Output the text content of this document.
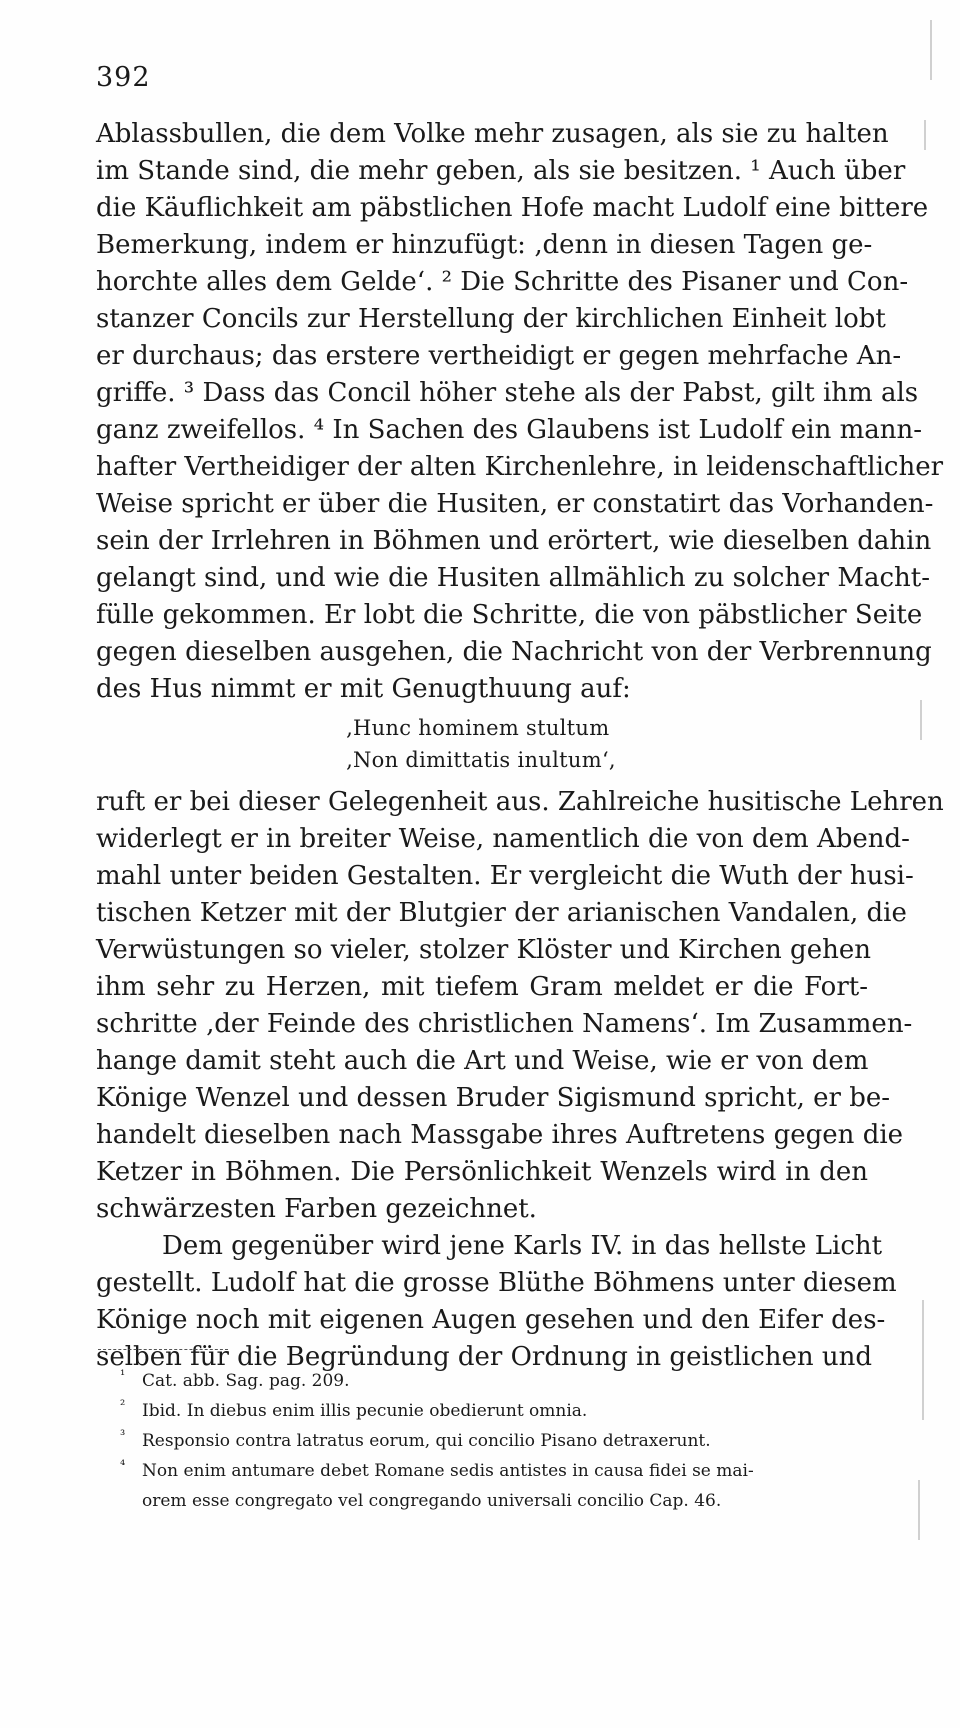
392
Ablassbullen, die dem Volke mehr zusagen, als sie zu halten
im Stande sind, die mehr geben, als sie besitzen. ¹ Auch über
die Käuflichkeit am päbstlichen Hofe macht Ludolf eine bittere
Bemerkung, indem er hinzufügt: ‚denn in diesen Tagen ge-
horchte alles dem Gelde‘. ² Die Schritte des Pisaner und Con-
stanzer Concils zur Herstellung der kirchlichen Einheit lobt
er durchaus; das erstere vertheidigt er gegen mehrfache An-
griffe. ³ Dass das Concil höher stehe als der Pabst, gilt ihm als
ganz zweifellos. ⁴ In Sachen des Glaubens ist Ludolf ein mann-
hafter Vertheidiger der alten Kirchenlehre, in leidenschaftlicher
Weise spricht er über die Husiten, er constatirt das Vorhanden-
sein der Irrlehren in Böhmen und erörtert, wie dieselben dahin
gelangt sind, und wie die Husiten allmählich zu solcher Macht-
fülle gekommen. Er lobt die Schritte, die von päbstlicher Seite
gegen dieselben ausgehen, die Nachricht von der Verbrennung
des Hus nimmt er mit Genugthuung auf:
‚Hunc hominem stultum
‚Non dimittatis inultum‘,
ruft er bei dieser Gelegenheit aus. Zahlreiche husitische Lehren
widerlegt er in breiter Weise, namentlich die von dem Abend-
mahl unter beiden Gestalten. Er vergleicht die Wuth der husi-
tischen Ketzer mit der Blutgier der arianischen Vandalen, die
Verwüstungen so vieler, stolzer Klöster und Kirchen gehen
ihm sehr zu Herzen, mit tiefem Gram meldet er die Fort-
schritte ‚der Feinde des christlichen Namens‘. Im Zusammen-
hange damit steht auch die Art und Weise, wie er von dem
Könige Wenzel und dessen Bruder Sigismund spricht, er be-
handelt dieselben nach Massgabe ihres Auftretens gegen die
Ketzer in Böhmen. Die Persönlichkeit Wenzels wird in den
schwärzesten Farben gezeichnet.
Dem gegenüber wird jene Karls IV. in das hellste Licht
gestellt. Ludolf hat die grosse Blüthe Böhmens unter diesem
Könige noch mit eigenen Augen gesehen und den Eifer des-
selben für die Begründung der Ordnung in geistlichen und
¹ Cat. abb. Sag. pag. 209.
² Ibid. In diebus enim illis pecunie obedierunt omnia.
³ Responsio contra latratus eorum, qui concilio Pisano detraxerunt.
⁴ Non enim antumare debet Romane sedis antistes in causa fidei se mai-
orem esse congregato vel congregando universali concilio Cap. 46.
